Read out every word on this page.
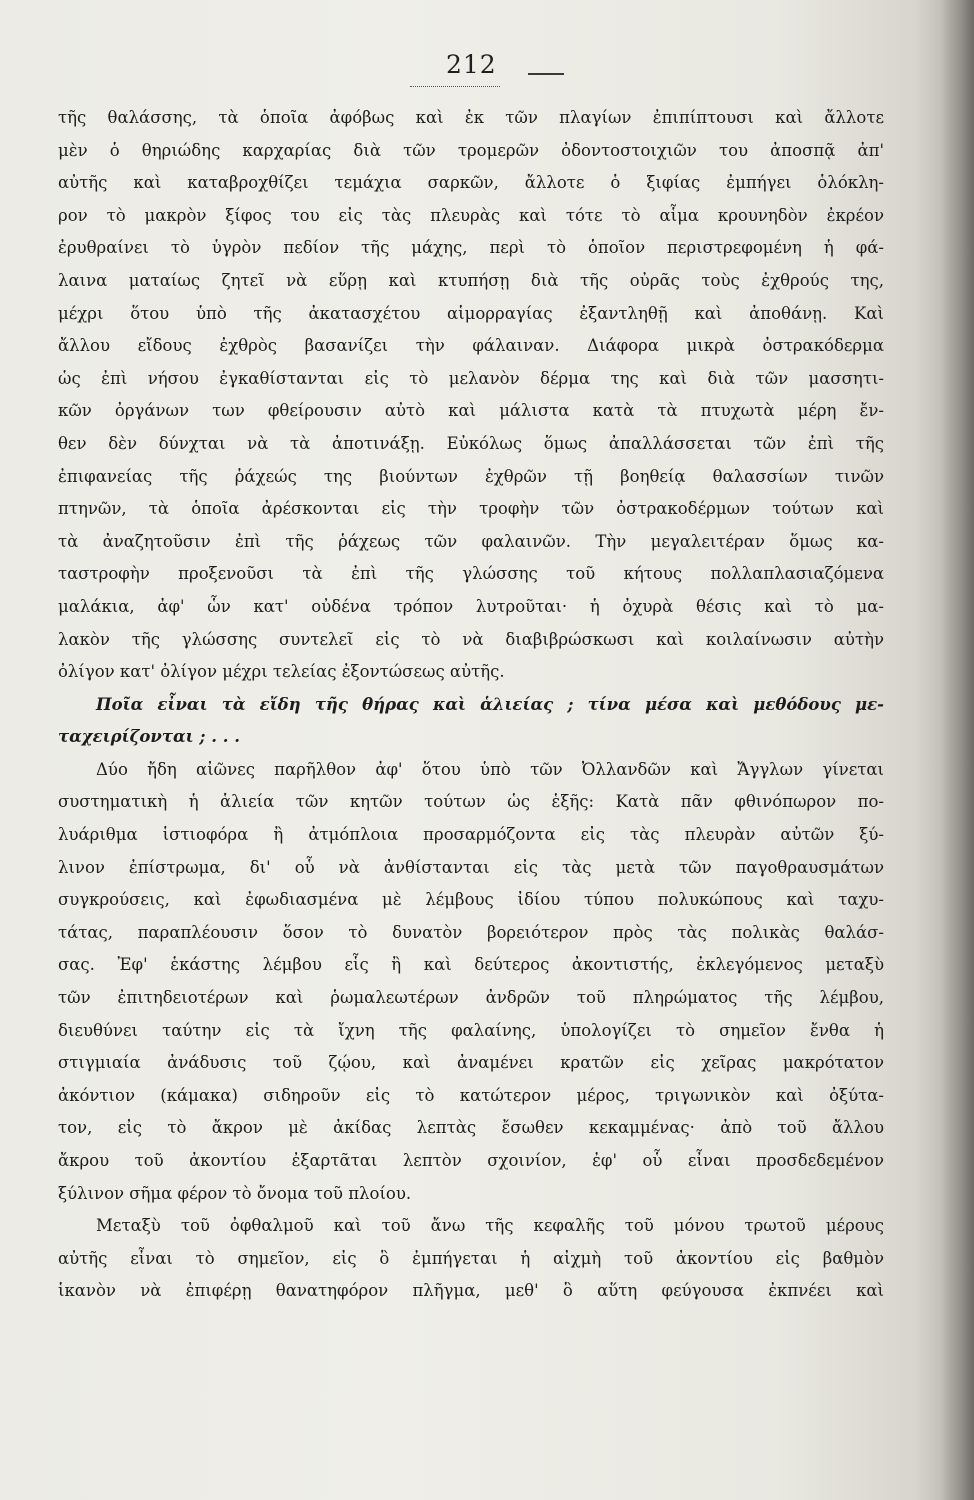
212
τῆς θαλάσσης, τὰ ὁποῖα ἀφόβως καὶ ἐκ τῶν πλαγίων ἐπιπίπτουσι καὶ ἄλλοτε
μὲν ὁ θηριώδης καρχαρίας διὰ τῶν τρομερῶν ὀδοντοστοιχιῶν του ἀποσπᾷ ἀπ'
αὐτῆς καὶ καταβροχθίζει τεμάχια σαρκῶν, ἄλλοτε ὁ ξιφίας ἐμπήγει ὁλόκλη-
ρον τὸ μακρὸν ξίφος του εἰς τὰς πλευρὰς καὶ τότε τὸ αἷμα κρουνηδὸν ἐκρέον
ἐρυθραίνει τὸ ὑγρὸν πεδίον τῆς μάχης, περὶ τὸ ὁποῖον περιστρεφομένη ἡ φά-
λαινα ματαίως ζητεῖ νὰ εὕρῃ καὶ κτυπήσῃ διὰ τῆς οὐρᾶς τοὺς ἐχθρούς της,
μέχρι ὅτου ὑπὸ τῆς ἀκατασχέτου αἱμορραγίας ἐξαντληθῇ καὶ ἀποθάνῃ. Καὶ
ἄλλου εἴδους ἐχθρὸς βασανίζει τὴν φάλαιναν. Διάφορα μικρὰ ὀστρακόδερμα
ὡς ἐπὶ νήσου ἐγκαθίστανται εἰς τὸ μελανὸν δέρμα της καὶ διὰ τῶν μασσητι-
κῶν ὀργάνων των φθείρουσιν αὐτὸ καὶ μάλιστα κατὰ τὰ πτυχωτὰ μέρη ἔν-
θεν δὲν δύνχται νὰ τὰ ἀποτινάξῃ. Εὐκόλως ὅμως ἀπαλλάσσεται τῶν ἐπὶ τῆς
ἐπιφανείας τῆς ῥάχεώς της βιούντων ἐχθρῶν τῇ βοηθείᾳ θαλασσίων τινῶν
πτηνῶν, τὰ ὁποῖα ἀρέσκονται εἰς τὴν τροφὴν τῶν ὀστρακοδέρμων τούτων καὶ
τὰ ἀναζητοῦσιν ἐπὶ τῆς ῥάχεως τῶν φαλαινῶν. Τὴν μεγαλειτέραν ὅμως κα-
ταστροφὴν προξενοῦσι τὰ ἐπὶ τῆς γλώσσης τοῦ κήτους πολλαπλασιαζόμενα
μαλάκια, ἀφ' ὧν κατ' οὐδένα τρόπον λυτροῦται· ἡ ὀχυρὰ θέσις καὶ τὸ μα-
λακὸν τῆς γλώσσης συντελεῖ εἰς τὸ νὰ διαβιβρώσκωσι καὶ κοιλαίνωσιν αὐτὴν
ὀλίγον κατ' ὀλίγον μέχρι τελείας ἐξοντώσεως αὐτῆς.
Ποῖα εἶναι τὰ εἴδη τῆς θήρας καὶ ἁλιείας ; τίνα μέσα καὶ μεθόδους με-
ταχειρίζονται ; . . .
Δύο ἤδη αἰῶνες παρῆλθον ἀφ' ὅτου ὑπὸ τῶν Ὀλλανδῶν καὶ Ἄγγλων γίνεται
συστηματικὴ ἡ ἁλιεία τῶν κητῶν τούτων ὡς ἑξῆς: Κατὰ πᾶν φθινόπωρον πο-
λυάριθμα ἱστιοφόρα ἢ ἀτμόπλοια προσαρμόζοντα εἰς τὰς πλευρὰν αὐτῶν ξύ-
λινον ἐπίστρωμα, δι' οὗ νὰ ἀνθίστανται εἰς τὰς μετὰ τῶν παγοθραυσμάτων
συγκρούσεις, καὶ ἐφωδιασμένα μὲ λέμβους ἰδίου τύπου πολυκώπους καὶ ταχυ-
τάτας, παραπλέουσιν ὅσον τὸ δυνατὸν βορειότερον πρὸς τὰς πολικὰς θαλάσ-
σας. Ἐφ' ἑκάστης λέμβου εἷς ἢ καὶ δεύτερος ἀκοντιστής, ἐκλεγόμενος μεταξὺ
τῶν ἐπιτηδειοτέρων καὶ ῥωμαλεωτέρων ἀνδρῶν τοῦ πληρώματος τῆς λέμβου,
διευθύνει ταύτην εἰς τὰ ἴχνη τῆς φαλαίνης, ὑπολογίζει τὸ σημεῖον ἔνθα ἡ
στιγμιαία ἀνάδυσις τοῦ ζῴου, καὶ ἀναμένει κρατῶν εἰς χεῖρας μακρότατον
ἀκόντιον (κάμακα) σιδηροῦν εἰς τὸ κατώτερον μέρος, τριγωνικὸν καὶ ὀξύτα-
τον, εἰς τὸ ἄκρον μὲ ἀκίδας λεπτὰς ἔσωθεν κεκαμμένας· ἀπὸ τοῦ ἄλλου
ἄκρου τοῦ ἀκοντίου ἐξαρτᾶται λεπτὸν σχοινίον, ἐφ' οὗ εἶναι προσδεδεμένον
ξύλινον σῆμα φέρον τὸ ὄνομα τοῦ πλοίου.
Μεταξὺ τοῦ ὀφθαλμοῦ καὶ τοῦ ἄνω τῆς κεφαλῆς τοῦ μόνου τρωτοῦ μέρους
αὐτῆς εἶναι τὸ σημεῖον, εἰς ὃ ἐμπήγεται ἡ αἰχμὴ τοῦ ἀκοντίου εἰς βαθμὸν
ἱκανὸν νὰ ἐπιφέρῃ θανατηφόρον πλῆγμα, μεθ' ὃ αὕτη φεύγουσα ἐκπνέει καὶ
